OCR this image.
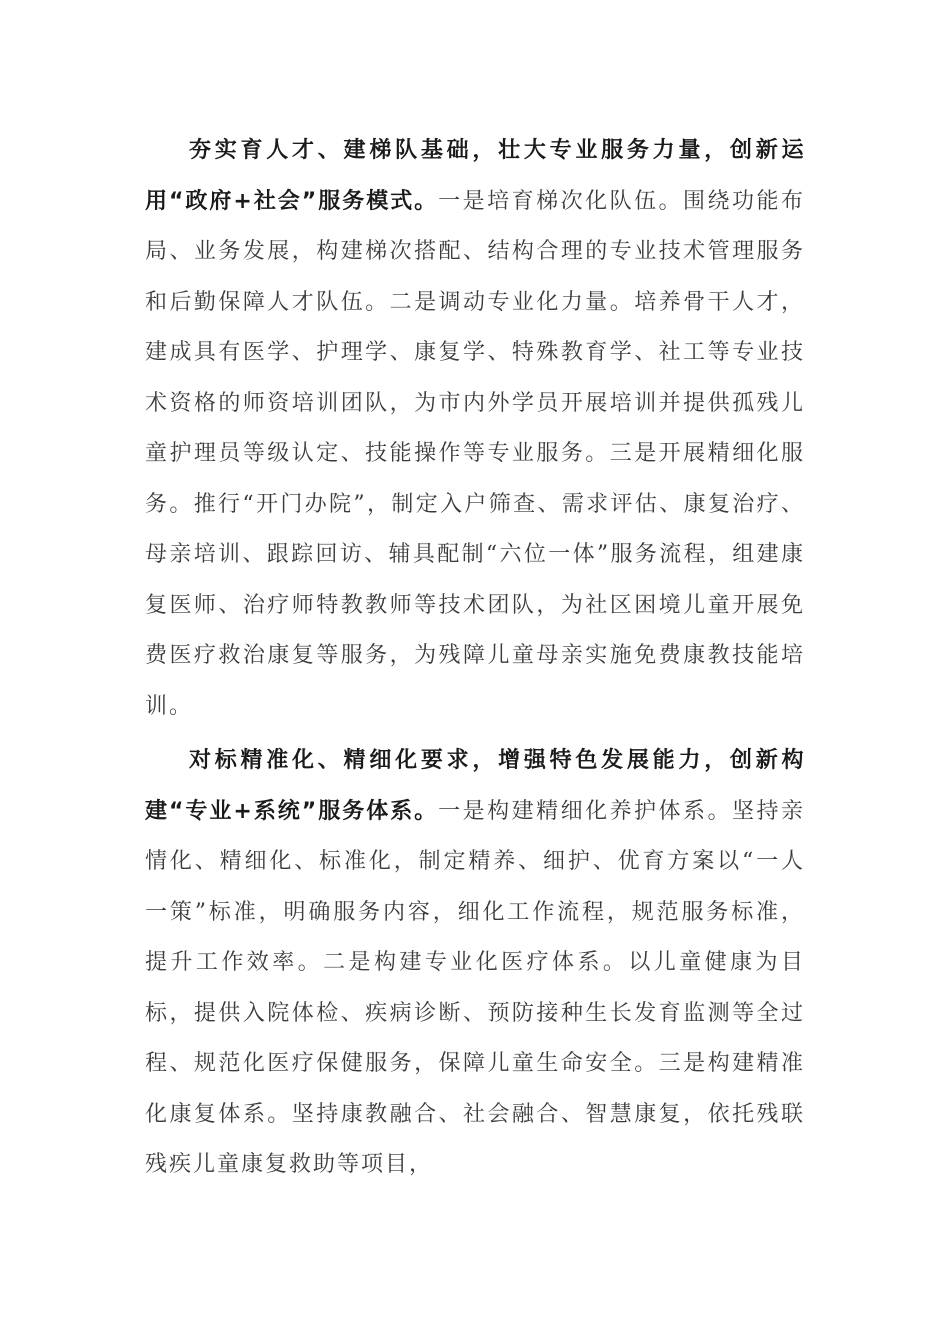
夯实育人才、建梯队基础，壮大专业服务力量，创新运用“政府+社会”服务模式。一是培育梯次化队伍。围绕功能布局、业务发展，构建梯次搭配、结构合理的专业技术管理服务和后勤保障人才队伍。二是调动专业化力量。培养骨干人才，建成具有医学、护理学、康复学、特殊教育学、社工等专业技术资格的师资培训团队，为市内外学员开展培训并提供孤残儿童护理员等级认定、技能操作等专业服务。三是开展精细化服务。推行“开门办院”，制定入户筛查、需求评估、康复治疗、母亲培训、跟踪回访、辅具配制“六位一体”服务流程，组建康复医师、治疗师特教教师等技术团队，为社区困境儿童开展免费医疗救治康复等服务，为残障儿童母亲实施免费康教技能培训。

对标精准化、精细化要求，增强特色发展能力，创新构建“专业+系统”服务体系。一是构建精细化养护体系。坚持亲情化、精细化、标准化，制定精养、细护、优育方案以“一人一策”标准，明确服务内容，细化工作流程，规范服务标准，提升工作效率。二是构建专业化医疗体系。以儿童健康为目标，提供入院体检、疾病诊断、预防接种生长发育监测等全过程、规范化医疗保健服务，保障儿童生命安全。三是构建精准化康复体系。坚持康教融合、社会融合、智慧康复，依托残联残疾儿童康复救助等项目，
